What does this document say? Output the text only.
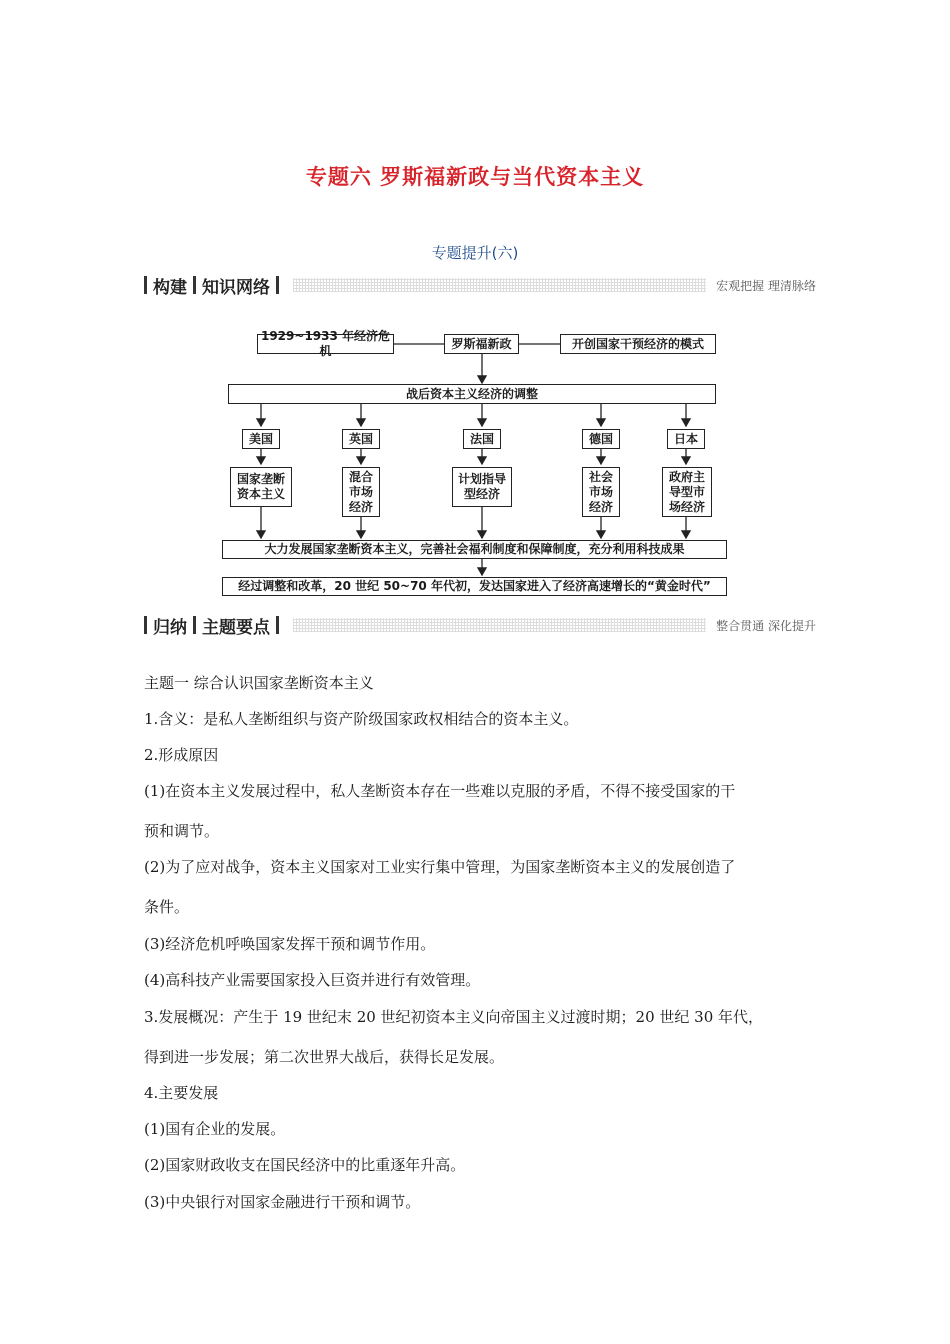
专题六 罗斯福新政与当代资本主义
专题提升(六)
构建 知识网络	宏观把握 理清脉络
1929~1933 年经济危机
罗斯福新政	开创国家干预经济的模式
战后资本主义经济的调整
美国	英国	法国	德国	日本
国家垄断资本主义
混合市场经济
计划指导型经济
社会市场经济
政府主导型市场经济
大力发展国家垄断资本主义，完善社会福利制度和保障制度，充分利用科技成果
经过调整和改革，20 世纪 50~70 年代初，发达国家进入了经济高速增长的“黄金时代”
归纳 主题要点	整合贯通 深化提升
主题一 综合认识国家垄断资本主义
1.含义：是私人垄断组织与资产阶级国家政权相结合的资本主义。
2.形成原因
(1)在资本主义发展过程中，私人垄断资本存在一些难以克服的矛盾，不得不接受国家的干
预和调节。
(2)为了应对战争，资本主义国家对工业实行集中管理，为国家垄断资本主义的发展创造了
条件。
(3)经济危机呼唤国家发挥干预和调节作用。
(4)高科技产业需要国家投入巨资并进行有效管理。
3.发展概况：产生于 19 世纪末 20 世纪初资本主义向帝国主义过渡时期；20 世纪 30 年代，
得到进一步发展；第二次世界大战后，获得长足发展。
4.主要发展
(1)国有企业的发展。
(2)国家财政收支在国民经济中的比重逐年升高。
(3)中央银行对国家金融进行干预和调节。
